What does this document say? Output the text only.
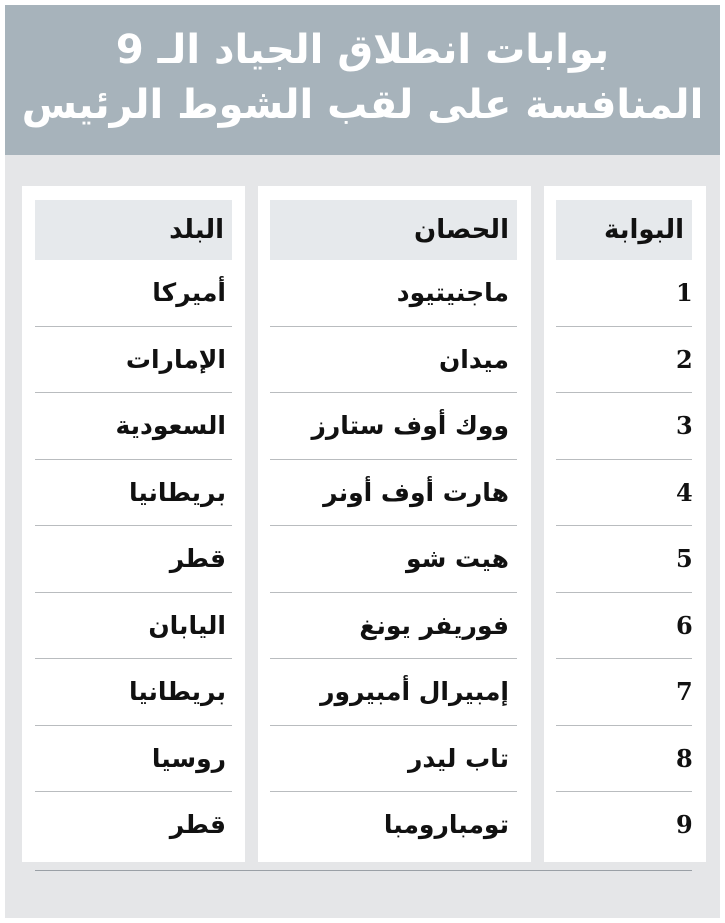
بوابات انطلاق الجياد الـ 9
المنافسة على لقب الشوط الرئيس
البوابة
1
2
3
4
5
6
7
8
9
الحصان
ماجنيتيود
ميدان
ووك أوف ستارز
هارت أوف أونر
هيت شو
فوريفر يونغ
إمبيرال أمبيرور
تاب ليدر
تومبارومبا
البلد
أميركا
الإمارات
السعودية
بريطانيا
قطر
اليابان
بريطانيا
روسيا
قطر
